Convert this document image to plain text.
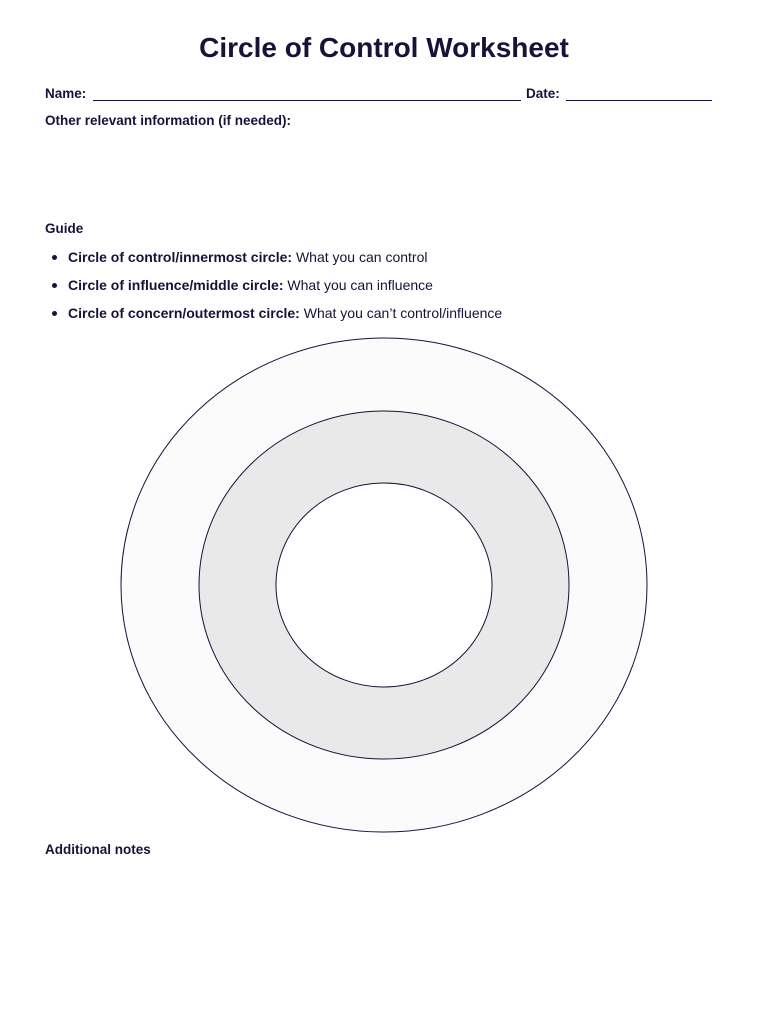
Circle of Control Worksheet
Name:	Date:
Other relevant information (if needed):
Guide
Circle of control/innermost circle: What you can control
Circle of influence/middle circle: What you can influence
Circle of concern/outermost circle: What you can’t control/influence
Additional notes
